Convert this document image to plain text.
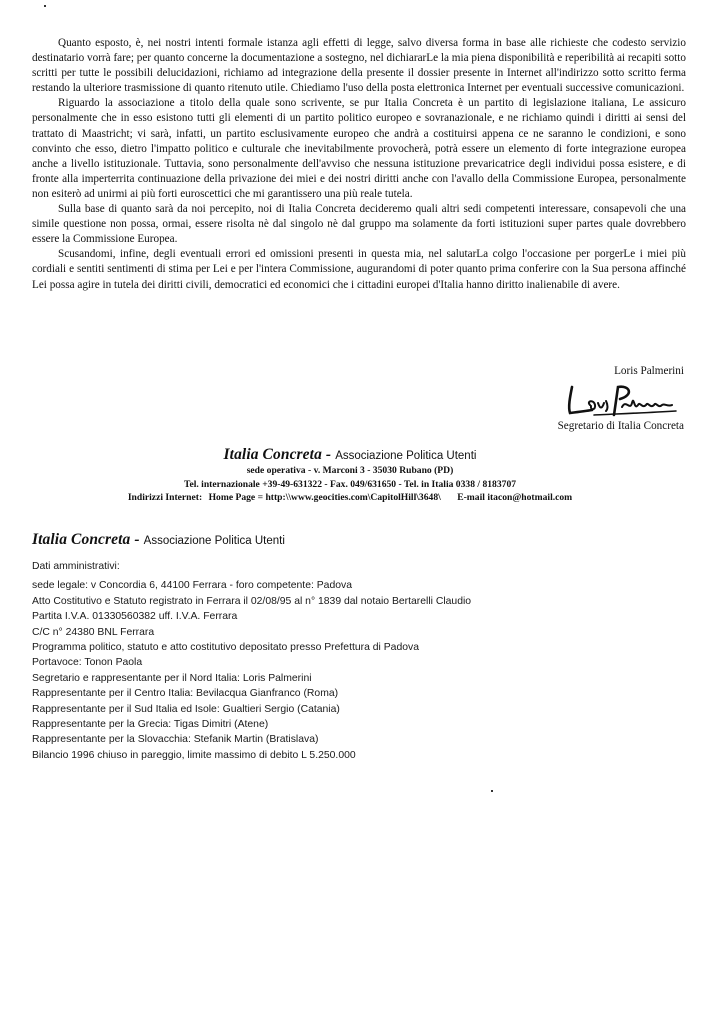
Quanto esposto, è, nei nostri intenti formale istanza agli effetti di legge, salvo diversa forma in base alle richieste che codesto servizio destinatario vorrà fare; per quanto concerne la documentazione a sostegno, nel dichiararLe la mia piena disponibilità e reperibilità ai recapiti sotto scritti per tutte le possibili delucidazioni, richiamo ad integrazione della presente il dossier presente in Internet all'indirizzo sotto scritto ferma restando la ulteriore trasmissione di quanto ritenuto utile. Chiediamo l'uso della posta elettronica Internet per eventuali successive comunicazioni.

Riguardo la associazione a titolo della quale sono scrivente, se pur Italia Concreta è un partito di legislazione italiana, Le assicuro personalmente che in esso esistono tutti gli elementi di un partito politico europeo e sovranazionale, e ne richiamo quindi i diritti ai sensi del trattato di Maastricht; vi sarà, infatti, un partito esclusivamente europeo che andrà a costituirsi appena ce ne saranno le condizioni, e sono convinto che esso, dietro l'impatto politico e culturale che inevitabilmente provocherà, potrà essere un elemento di forte integrazione europea anche a livello istituzionale. Tuttavia, sono personalmente dell'avviso che nessuna istituzione prevaricatrice degli individui possa esistere, e di fronte alla imperterrita continuazione della privazione dei miei e dei nostri diritti anche con l'avallo della Commissione Europea, personalmente non esiterò ad unirmi ai più forti euroscettici che mi garantissero una più reale tutela.

Sulla base di quanto sarà da noi percepito, noi di Italia Concreta decideremo quali altri sedi competenti interessare, consapevoli che una simile questione non possa, ormai, essere risolta nè dal singolo nè dal gruppo ma solamente da forti istituzioni super partes quale dovrebbero essere la Commissione Europea.

Scusandomi, infine, degli eventuali errori ed omissioni presenti in questa mia, nel salutarLa colgo l'occasione per porgerLe i miei più cordiali e sentiti sentimenti di stima per Lei e per l'intera Commissione, augurandomi di poter quanto prima conferire con la Sua persona affinché Lei possa agire in tutela dei diritti civili, democratici ed economici che i cittadini europei d'Italia hanno diritto inalienabile di avere.

Loris Palmerini
Segretario di Italia Concreta
Italia Concreta - Associazione Politica Utenti
sede operativa - v. Marconi 3 - 35030 Rubano (PD)
Tel. internazionale +39-49-631322 - Fax. 049/631650 - Tel. in Italia 0338 / 8183707
Indirizzi Internet: Home Page = http:\\www.geocities.com\CapitolHill\3648\ E-mail itacon@hotmail.com
Italia Concreta - Associazione Politica Utenti
Dati amministrativi:
sede legale: v Concordia 6, 44100 Ferrara - foro competente: Padova
Atto Costitutivo e Statuto registrato in Ferrara il 02/08/95 al n° 1839 dal notaio Bertarelli Claudio
Partita I.V.A. 01330560382 uff. I.V.A. Ferrara
C/C n° 24380 BNL Ferrara
Programma politico, statuto e atto costitutivo depositato presso Prefettura di Padova
Portavoce: Tonon Paola
Segretario e rappresentante per il Nord Italia: Loris Palmerini
Rappresentante per il Centro Italia: Bevilacqua Gianfranco (Roma)
Rappresentante per il Sud Italia ed Isole: Gualtieri Sergio (Catania)
Rappresentante per la Grecia: Tigas Dimitri (Atene)
Rappresentante per la Slovacchia: Stefanik Martin (Bratislava)
Bilancio 1996 chiuso in pareggio, limite massimo di debito L 5.250.000
